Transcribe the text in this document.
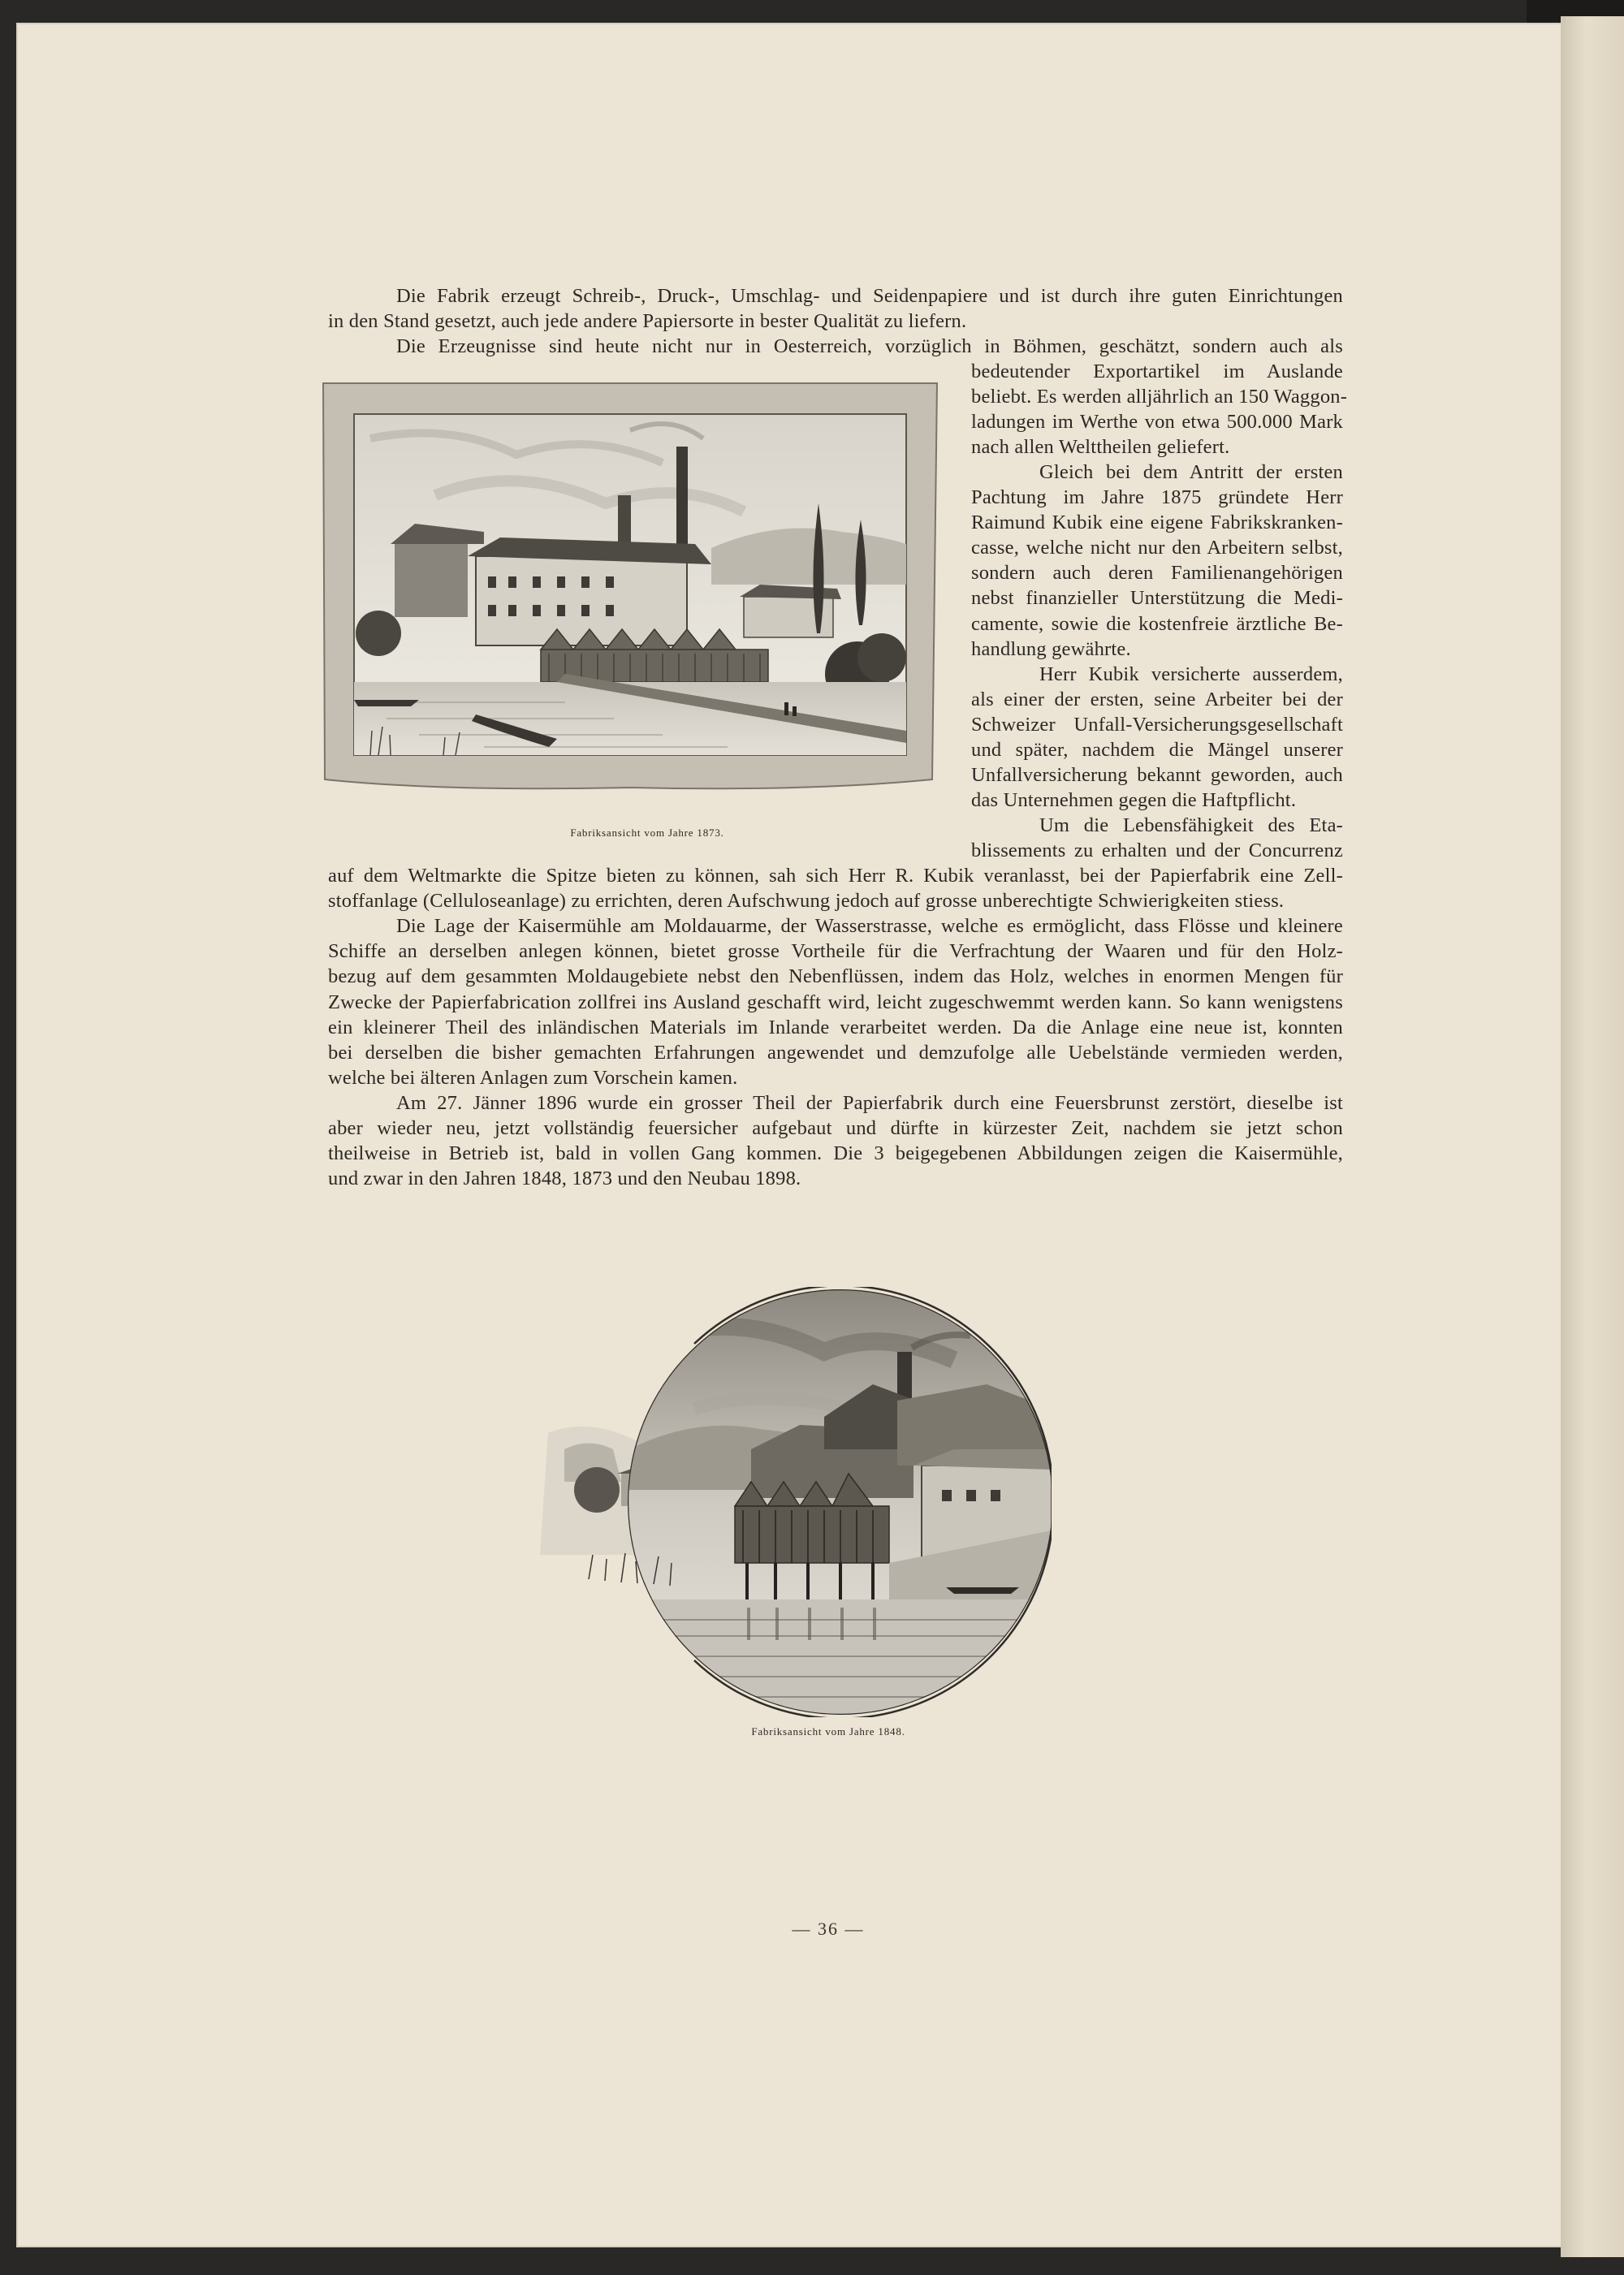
Die Fabrik erzeugt Schreib-, Druck-, Umschlag- und Seidenpapiere und ist durch ihre guten Einrichtungen
in den Stand gesetzt, auch jede andere Papiersorte in bester Qualität zu liefern.
Die Erzeugnisse sind heute nicht nur in Oesterreich, vorzüglich in Böhmen, geschätzt, sondern auch als
bedeutender Exportartikel im Auslande
beliebt. Es werden alljährlich an 150 Waggon-
ladungen im Werthe von etwa 500.000 Mark
nach allen Welttheilen geliefert.
Gleich bei dem Antritt der ersten
Pachtung im Jahre 1875 gründete Herr
Raimund Kubik eine eigene Fabrikskranken-
casse, welche nicht nur den Arbeitern selbst,
sondern auch deren Familienangehörigen
nebst finanzieller Unterstützung die Medi-
camente, sowie die kostenfreie ärztliche Be-
handlung gewährte.
Herr Kubik versicherte ausserdem,
als einer der ersten, seine Arbeiter bei der
Schweizer Unfall-Versicherungsgesellschaft
und später, nachdem die Mängel unserer
Unfallversicherung bekannt geworden, auch
das Unternehmen gegen die Haftpflicht.
Um die Lebensfähigkeit des Eta-
blissements zu erhalten und der Concurrenz
Fabriksansicht vom Jahre 1873.
auf dem Weltmarkte die Spitze bieten zu können, sah sich Herr R. Kubik veranlasst, bei der Papierfabrik eine Zell-
stoffanlage (Celluloseanlage) zu errichten, deren Aufschwung jedoch auf grosse unberechtigte Schwierigkeiten stiess.
Die Lage der Kaisermühle am Moldauarme, der Wasserstrasse, welche es ermöglicht, dass Flösse und kleinere
Schiffe an derselben anlegen können, bietet grosse Vortheile für die Verfrachtung der Waaren und für den Holz-
bezug auf dem gesammten Moldaugebiete nebst den Nebenflüssen, indem das Holz, welches in enormen Mengen für
Zwecke der Papierfabrication zollfrei ins Ausland geschafft wird, leicht zugeschwemmt werden kann. So kann wenigstens
ein kleinerer Theil des inländischen Materials im Inlande verarbeitet werden. Da die Anlage eine neue ist, konnten
bei derselben die bisher gemachten Erfahrungen angewendet und demzufolge alle Uebelstände vermieden werden,
welche bei älteren Anlagen zum Vorschein kamen.
Am 27. Jänner 1896 wurde ein grosser Theil der Papierfabrik durch eine Feuersbrunst zerstört, dieselbe ist
aber wieder neu, jetzt vollständig feuersicher aufgebaut und dürfte in kürzester Zeit, nachdem sie jetzt schon
theilweise in Betrieb ist, bald in vollen Gang kommen. Die 3 beigegebenen Abbildungen zeigen die Kaisermühle,
und zwar in den Jahren 1848, 1873 und den Neubau 1898.
Fabriksansicht vom Jahre 1848.
— 36 —
